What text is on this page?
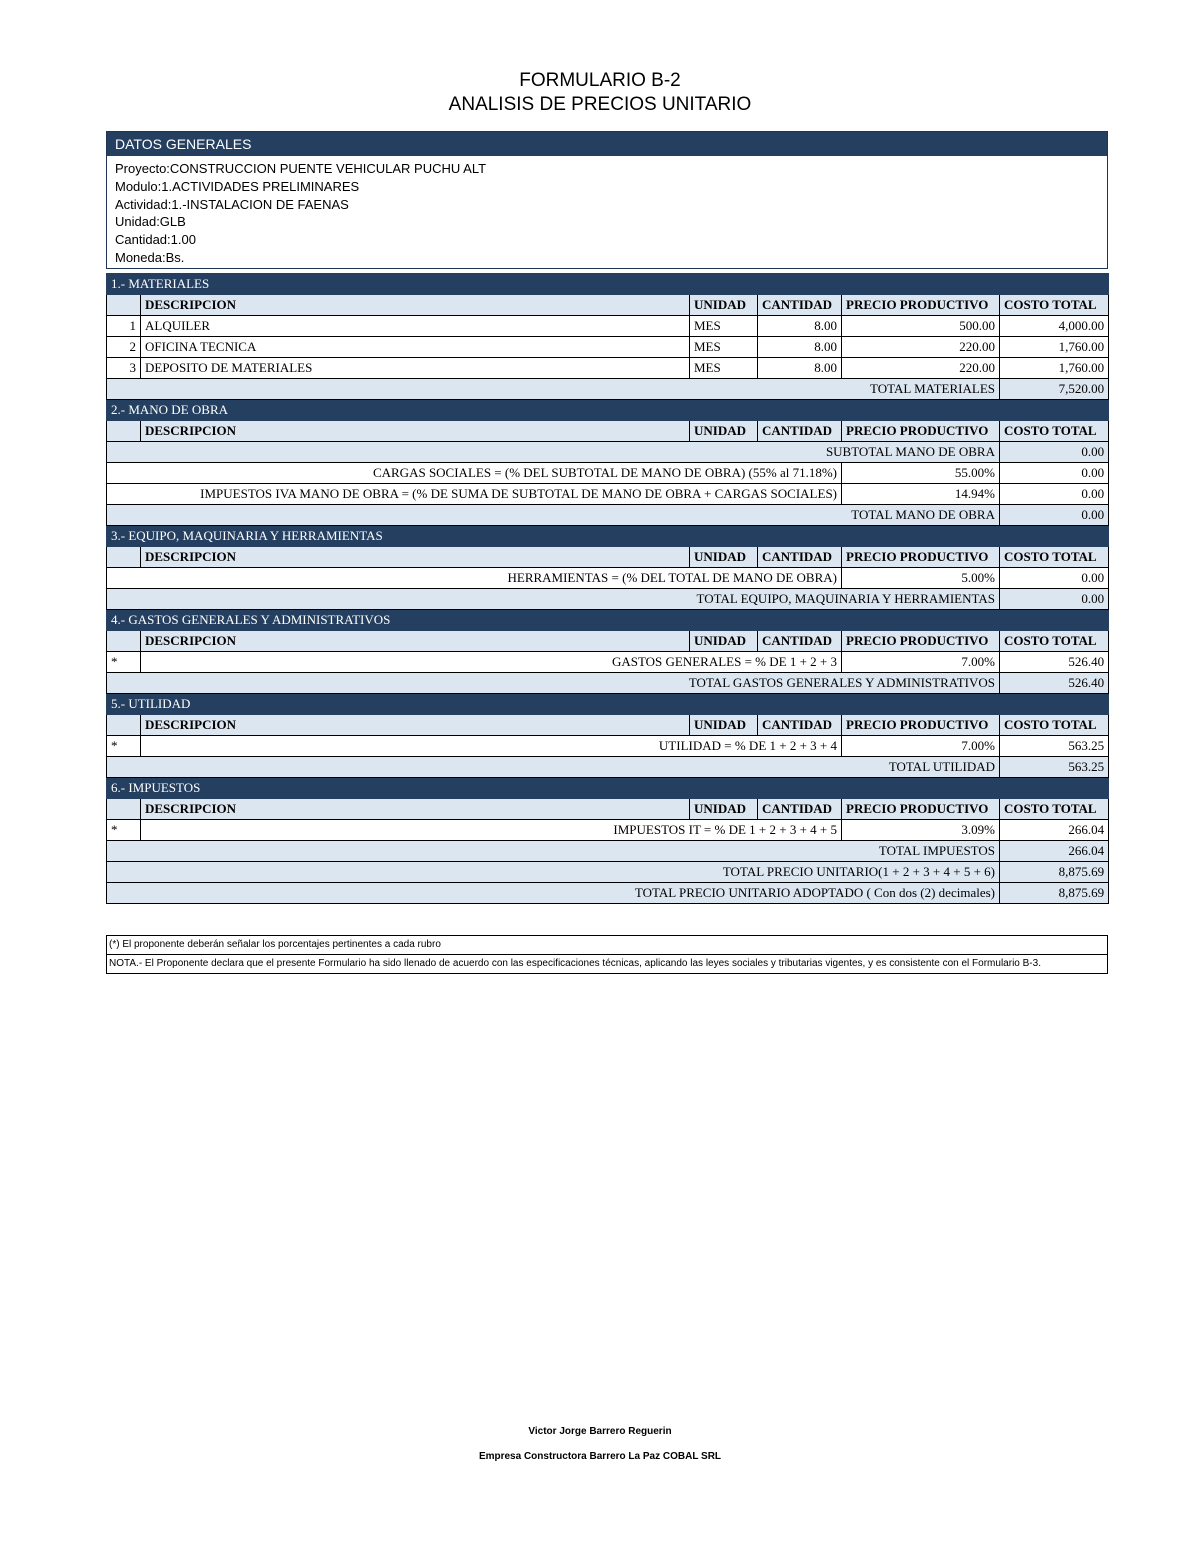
FORMULARIO B-2
ANALISIS DE PRECIOS UNITARIO
DATOS GENERALES
Proyecto:CONSTRUCCION PUENTE VEHICULAR PUCHU ALT
Modulo:1.ACTIVIDADES PRELIMINARES
Actividad:1.-INSTALACION DE FAENAS
Unidad:GLB
Cantidad:1.00
Moneda:Bs.
1.- MATERIALES					
	DESCRIPCION	UNIDAD	CANTIDAD	PRECIO PRODUCTIVO	COSTO TOTAL
1	ALQUILER	MES	8.00	500.00	4,000.00
2	OFICINA TECNICA	MES	8.00	220.00	1,760.00
3	DEPOSITO DE MATERIALES	MES	8.00	220.00	1,760.00
TOTAL MATERIALES					7,520.00
2.- MANO DE OBRA					
	DESCRIPCION	UNIDAD	CANTIDAD	PRECIO PRODUCTIVO	COSTO TOTAL
SUBTOTAL MANO DE OBRA					0.00
CARGAS SOCIALES = (% DEL SUBTOTAL DE MANO DE OBRA) (55% al 71.18%)				55.00%	0.00
IMPUESTOS IVA MANO DE OBRA = (% DE SUMA DE SUBTOTAL DE MANO DE OBRA + CARGAS SOCIALES)				14.94%	0.00
TOTAL MANO DE OBRA					0.00
3.- EQUIPO, MAQUINARIA Y HERRAMIENTAS					
	DESCRIPCION	UNIDAD	CANTIDAD	PRECIO PRODUCTIVO	COSTO TOTAL
HERRAMIENTAS = (% DEL TOTAL DE MANO DE OBRA)				5.00%	0.00
TOTAL EQUIPO, MAQUINARIA Y HERRAMIENTAS					0.00
4.- GASTOS GENERALES Y ADMINISTRATIVOS					
	DESCRIPCION	UNIDAD	CANTIDAD	PRECIO PRODUCTIVO	COSTO TOTAL
*	GASTOS GENERALES = % DE 1 + 2 + 3			7.00%	526.40
TOTAL GASTOS GENERALES Y ADMINISTRATIVOS					526.40
5.- UTILIDAD					
	DESCRIPCION	UNIDAD	CANTIDAD	PRECIO PRODUCTIVO	COSTO TOTAL
*	UTILIDAD = % DE 1 + 2 + 3 + 4			7.00%	563.25
TOTAL UTILIDAD					563.25
6.- IMPUESTOS					
	DESCRIPCION	UNIDAD	CANTIDAD	PRECIO PRODUCTIVO	COSTO TOTAL
*	IMPUESTOS IT = % DE 1 + 2 + 3 + 4 + 5			3.09%	266.04
TOTAL IMPUESTOS					266.04
TOTAL PRECIO UNITARIO(1 + 2 + 3 + 4 + 5 + 6)					8,875.69
TOTAL PRECIO UNITARIO ADOPTADO ( Con dos (2) decimales)					8,875.69
(*) El proponente deberán señalar los porcentajes pertinentes a cada rubro
NOTA.- El Proponente declara que el presente Formulario ha sido llenado de acuerdo con las especificaciones técnicas, aplicando las leyes sociales y tributarias vigentes, y es consistente con el Formulario B-3.
Victor Jorge Barrero Reguerin
Empresa Constructora Barrero La Paz COBAL SRL
